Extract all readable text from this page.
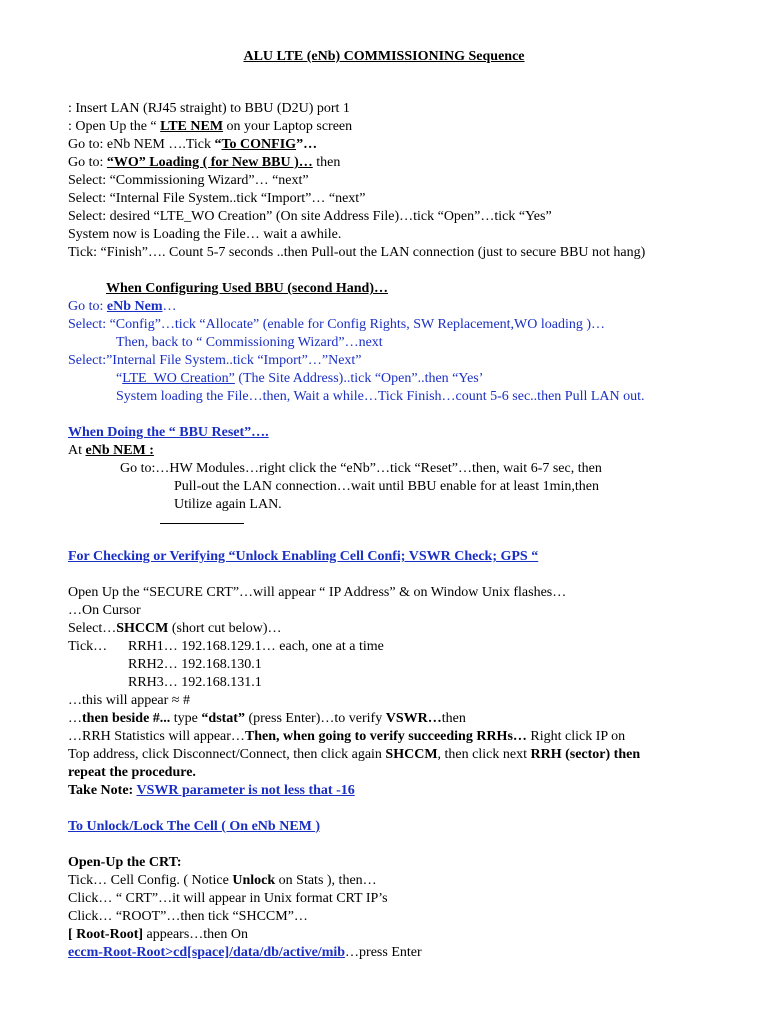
ALU LTE (eNb) COMMISSIONING Sequence
: Insert LAN (RJ45 straight) to BBU (D2U) port 1
: Open Up the “ LTE NEM on your Laptop screen
Go to: eNb NEM ….Tick “To CONFIG”…
Go to: “WO” Loading ( for New BBU )… then
Select: “Commissioning Wizard”… “next”
Select: “Internal File System..tick “Import”… “next”
Select: desired “LTE_WO Creation” (On site Address File)…tick “Open”…tick “Yes”
System now is Loading the File… wait a awhile.
Tick: “Finish”…. Count 5-7 seconds ..then Pull-out the LAN connection (just to secure BBU not hang)
When Configuring Used BBU (second Hand)…
Go to: eNb Nem…
Select: “Config”…tick “Allocate” (enable for Config Rights, SW Replacement,WO loading )…
Then, back to “ Commissioning Wizard”…next
Select:”Internal File System..tick “Import”…”Next”
“LTE_WO Creation” (The Site Address)..tick “Open”..then “Yes’
System loading the File…then, Wait a while…Tick Finish…count 5-6 sec..then Pull LAN out.
When Doing the “ BBU Reset”….
At eNb NEM :
Go to:…HW Modules…right click the “eNb”…tick “Reset”…then, wait 6-7 sec, then
Pull-out the LAN connection…wait until BBU enable for at least 1min,then
Utilize again LAN.
For Checking or Verifying “Unlock Enabling Cell Confi; VSWR Check; GPS “
Open Up the “SECURE CRT”…will appear “ IP Address” & on Window Unix flashes…
…On Cursor
Select…SHCCM (short cut below)…
Tick… RRH1… 192.168.129.1… each, one at a time
RRH2… 192.168.130.1
RRH3… 192.168.131.1
…this will appear ≈ #
…then beside #... type “dstat” (press Enter)…to verify VSWR…then
…RRH Statistics will appear…Then, when going to verify succeeding RRHs… Right click IP on
Top address, click Disconnect/Connect, then click again SHCCM, then click next RRH (sector) then
repeat the procedure.
Take Note: VSWR parameter is not less that -16
To Unlock/Lock The Cell ( On eNb NEM )
Open-Up the CRT:
Tick… Cell Config. ( Notice Unlock on Stats ), then…
Click… “ CRT”…it will appear in Unix format CRT IP’s
Click… “ROOT”…then tick “SHCCM”…
[ Root-Root] appears…then On
eccm-Root-Root>cd[space]/data/db/active/mib…press Enter
